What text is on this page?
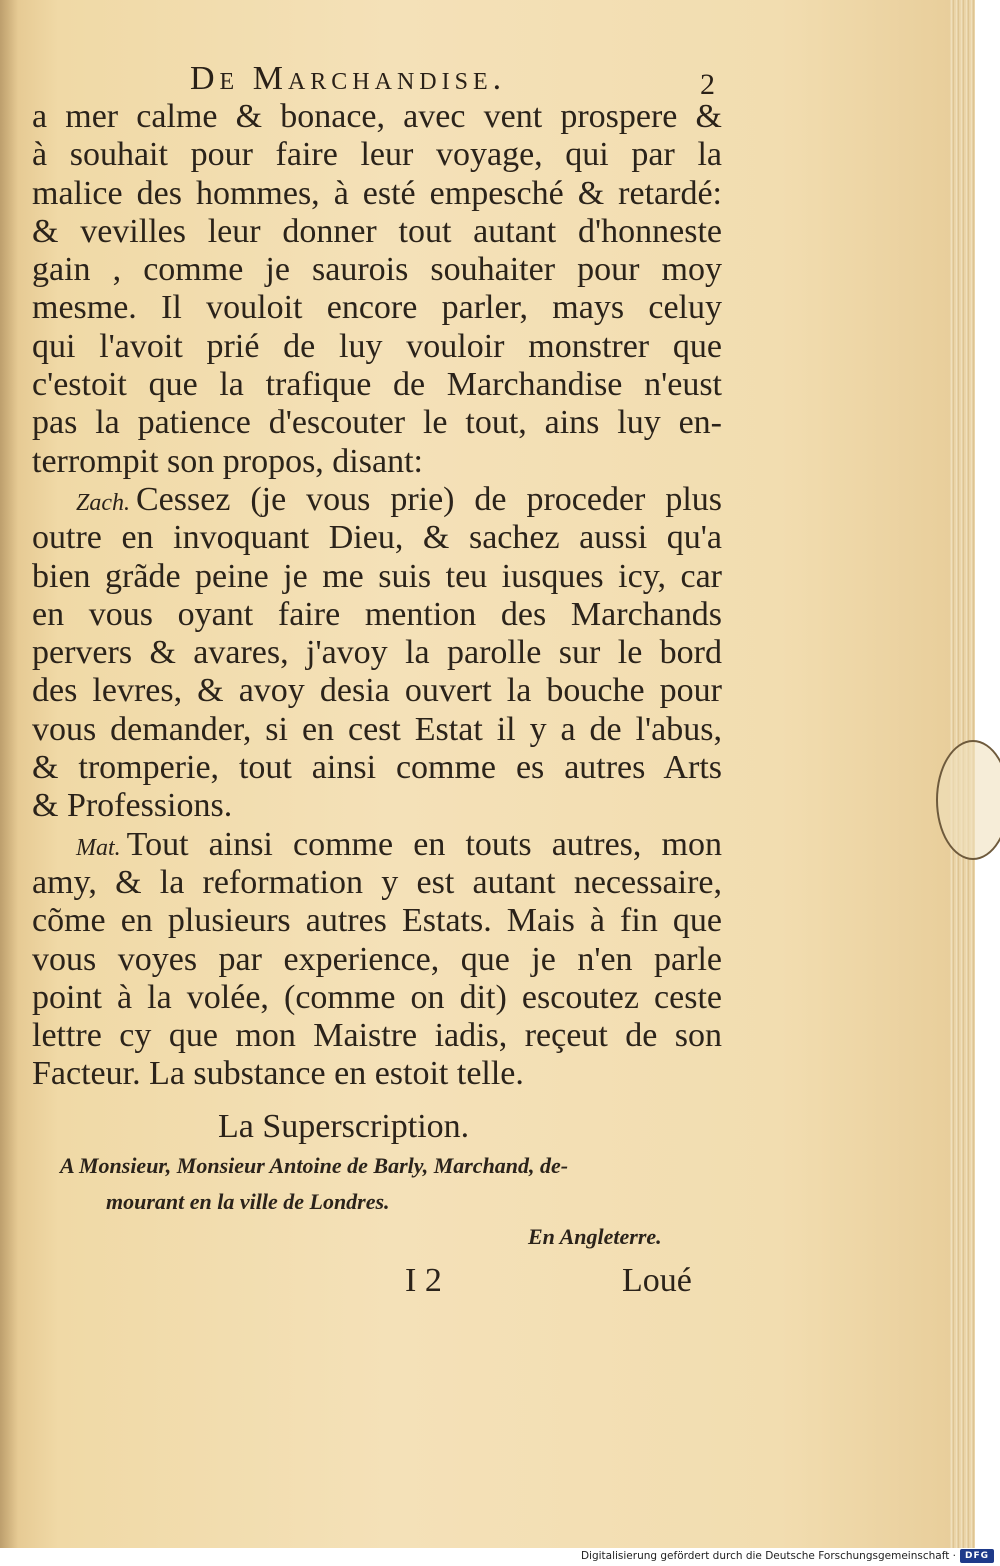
De Marchandise.	2
a mer calme & bonace, avec vent prospere &
à souhait pour faire leur voyage, qui par la
malice des hommes, à esté empesché & retardé:
& vevilles leur donner tout autant d'honneste
gain , comme je saurois souhaiter pour moy
mesme. Il vouloit encore parler, mays celuy
qui l'avoit prié de luy vouloir monstrer que
c'estoit que la trafique de Marchandise n'eust
pas la patience d'escouter le tout, ains luy en-
terrompit son propos, disant:
Zach. Cessez (je vous prie) de proceder plus
outre en invoquant Dieu, & sachez aussi qu'a
bien grãde peine je me suis teu iusques icy, car
en vous oyant faire mention des Marchands
pervers & avares, j'avoy la parolle sur le bord
des levres, & avoy desia ouvert la bouche pour
vous demander, si en cest Estat il y a de l'abus,
& tromperie, tout ainsi comme es autres Arts
& Professions.
Mat. Tout ainsi comme en touts autres, mon
amy, & la reformation y est autant necessaire,
cõme en plusieurs autres Estats. Mais à fin que
vous voyes par experience, que je n'en parle
point à la volée, (comme on dit) escoutez ceste
lettre cy que mon Maistre iadis, reçeut de son
Facteur. La substance en estoit telle.
La Superscription.
A Monsieur, Monsieur Antoine de Barly, Marchand, de-
mourant en la ville de Londres.
En Angleterre.
I 2	Loué
Digitalisierung gefördert durch die Deutsche Forschungsgemeinschaft · DFG
